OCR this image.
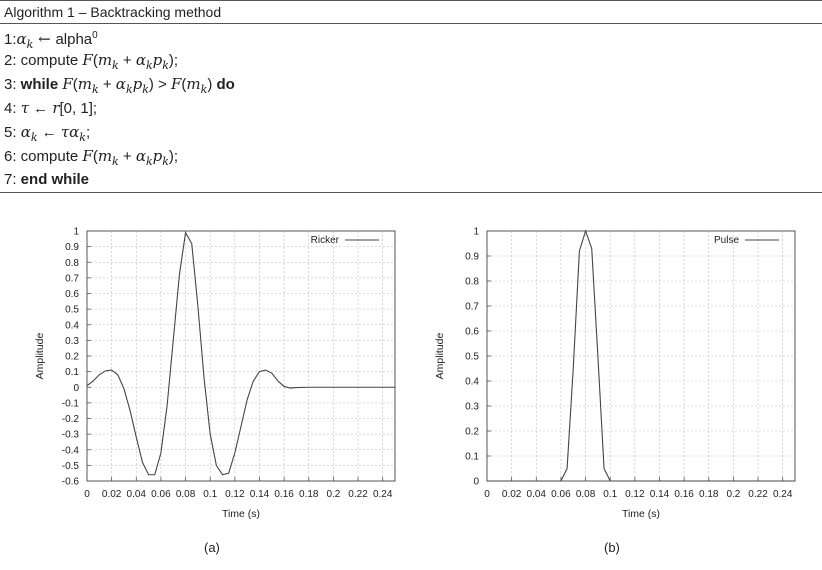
Algorithm 1 – Backtracking method
$1:\alpha_k$ ← alpha$^0$
2: compute $F(m_k + \alpha_kp_k)$;
3: while $F(m_k + \alpha_kp_k) > F(m_k)$ do
4: τ ← r[0, 1];
5: $\alpha_k$ ← $\tau\alpha_k$;
6: compute $F(m_k + \alpha_kp_k)$;
7: end while
-0.6
-0.5
-0.4
-0.3
-0.2
-0.1
0
0.1
0.2
0.3
0.4
0.5
0.6
0.7
0.8
0.9
1
0 0.02 0.04 0.06 0.08 0.1 0.12 0.14 0.16 0.18 0.2 0.22 0.24
Time (s)
Amplitude
Ricker
(a)
0
0.1
0.2
0.3
0.4
0.5
0.6
0.7
0.8
0.9
1
0 0.02 0.04 0.06 0.08 0.1 0.12 0.14 0.16 0.18 0.2 0.22 0.24
Time (s)
Amplitude
Pulse
(b)
